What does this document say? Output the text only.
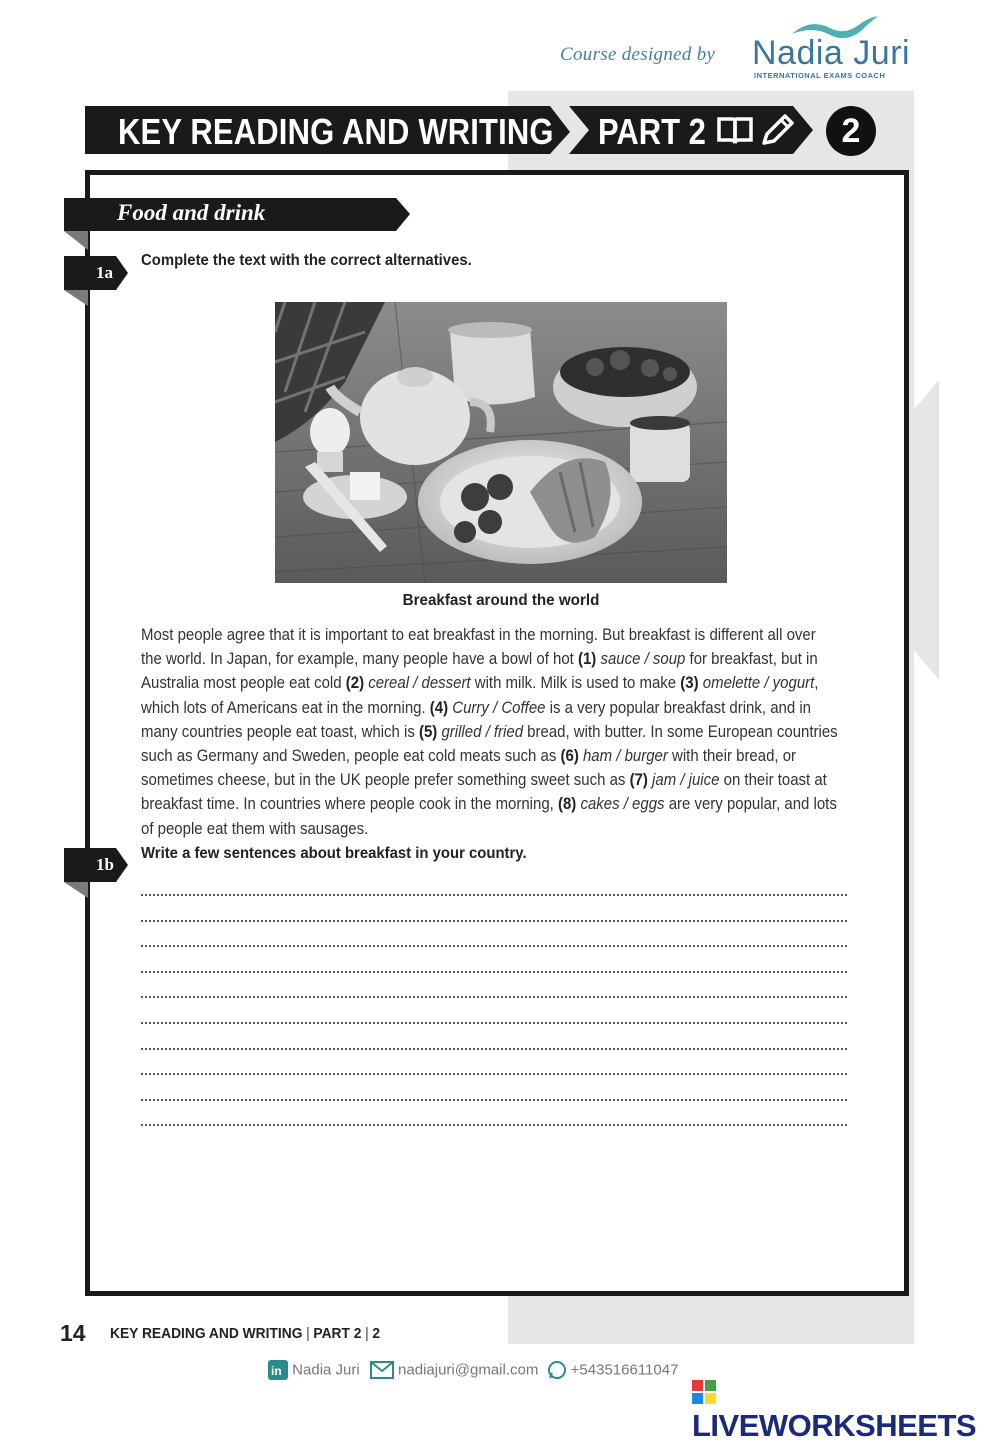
Course designed by Nadia Juri
INTERNATIONAL EXAMS COACH
KEY READING AND WRITING PART 2
	2
Food and drink
1a
Complete the text with the correct alternatives.
Breakfast around the world
Most people agree that it is important to eat breakfast in the morning. But breakfast is different all over the world. In Japan, for example, many people have a bowl of hot (1) sauce / soup for breakfast, but in Australia most people eat cold (2) cereal / dessert with milk. Milk is used to make (3) omelette / yogurt, which lots of Americans eat in the morning. (4) Curry / Coffee is a very popular breakfast drink, and in many countries people eat toast, which is (5) grilled / fried bread, with butter. In some European countries such as Germany and Sweden, people eat cold meats such as (6) ham / burger with their bread, or sometimes cheese, but in the UK people prefer something sweet such as (7) jam / juice on their toast at breakfast time. In countries where people cook in the morning, (8) cakes / eggs are very popular, and lots of people eat them with sausages.
1b
Write a few sentences about breakfast in your country.
14 KEY READING AND WRITING | PART 2 | 2
in Nadia Juri	nadiajuri@gmail.com +543516611047
LIVEWORKSHEETS
